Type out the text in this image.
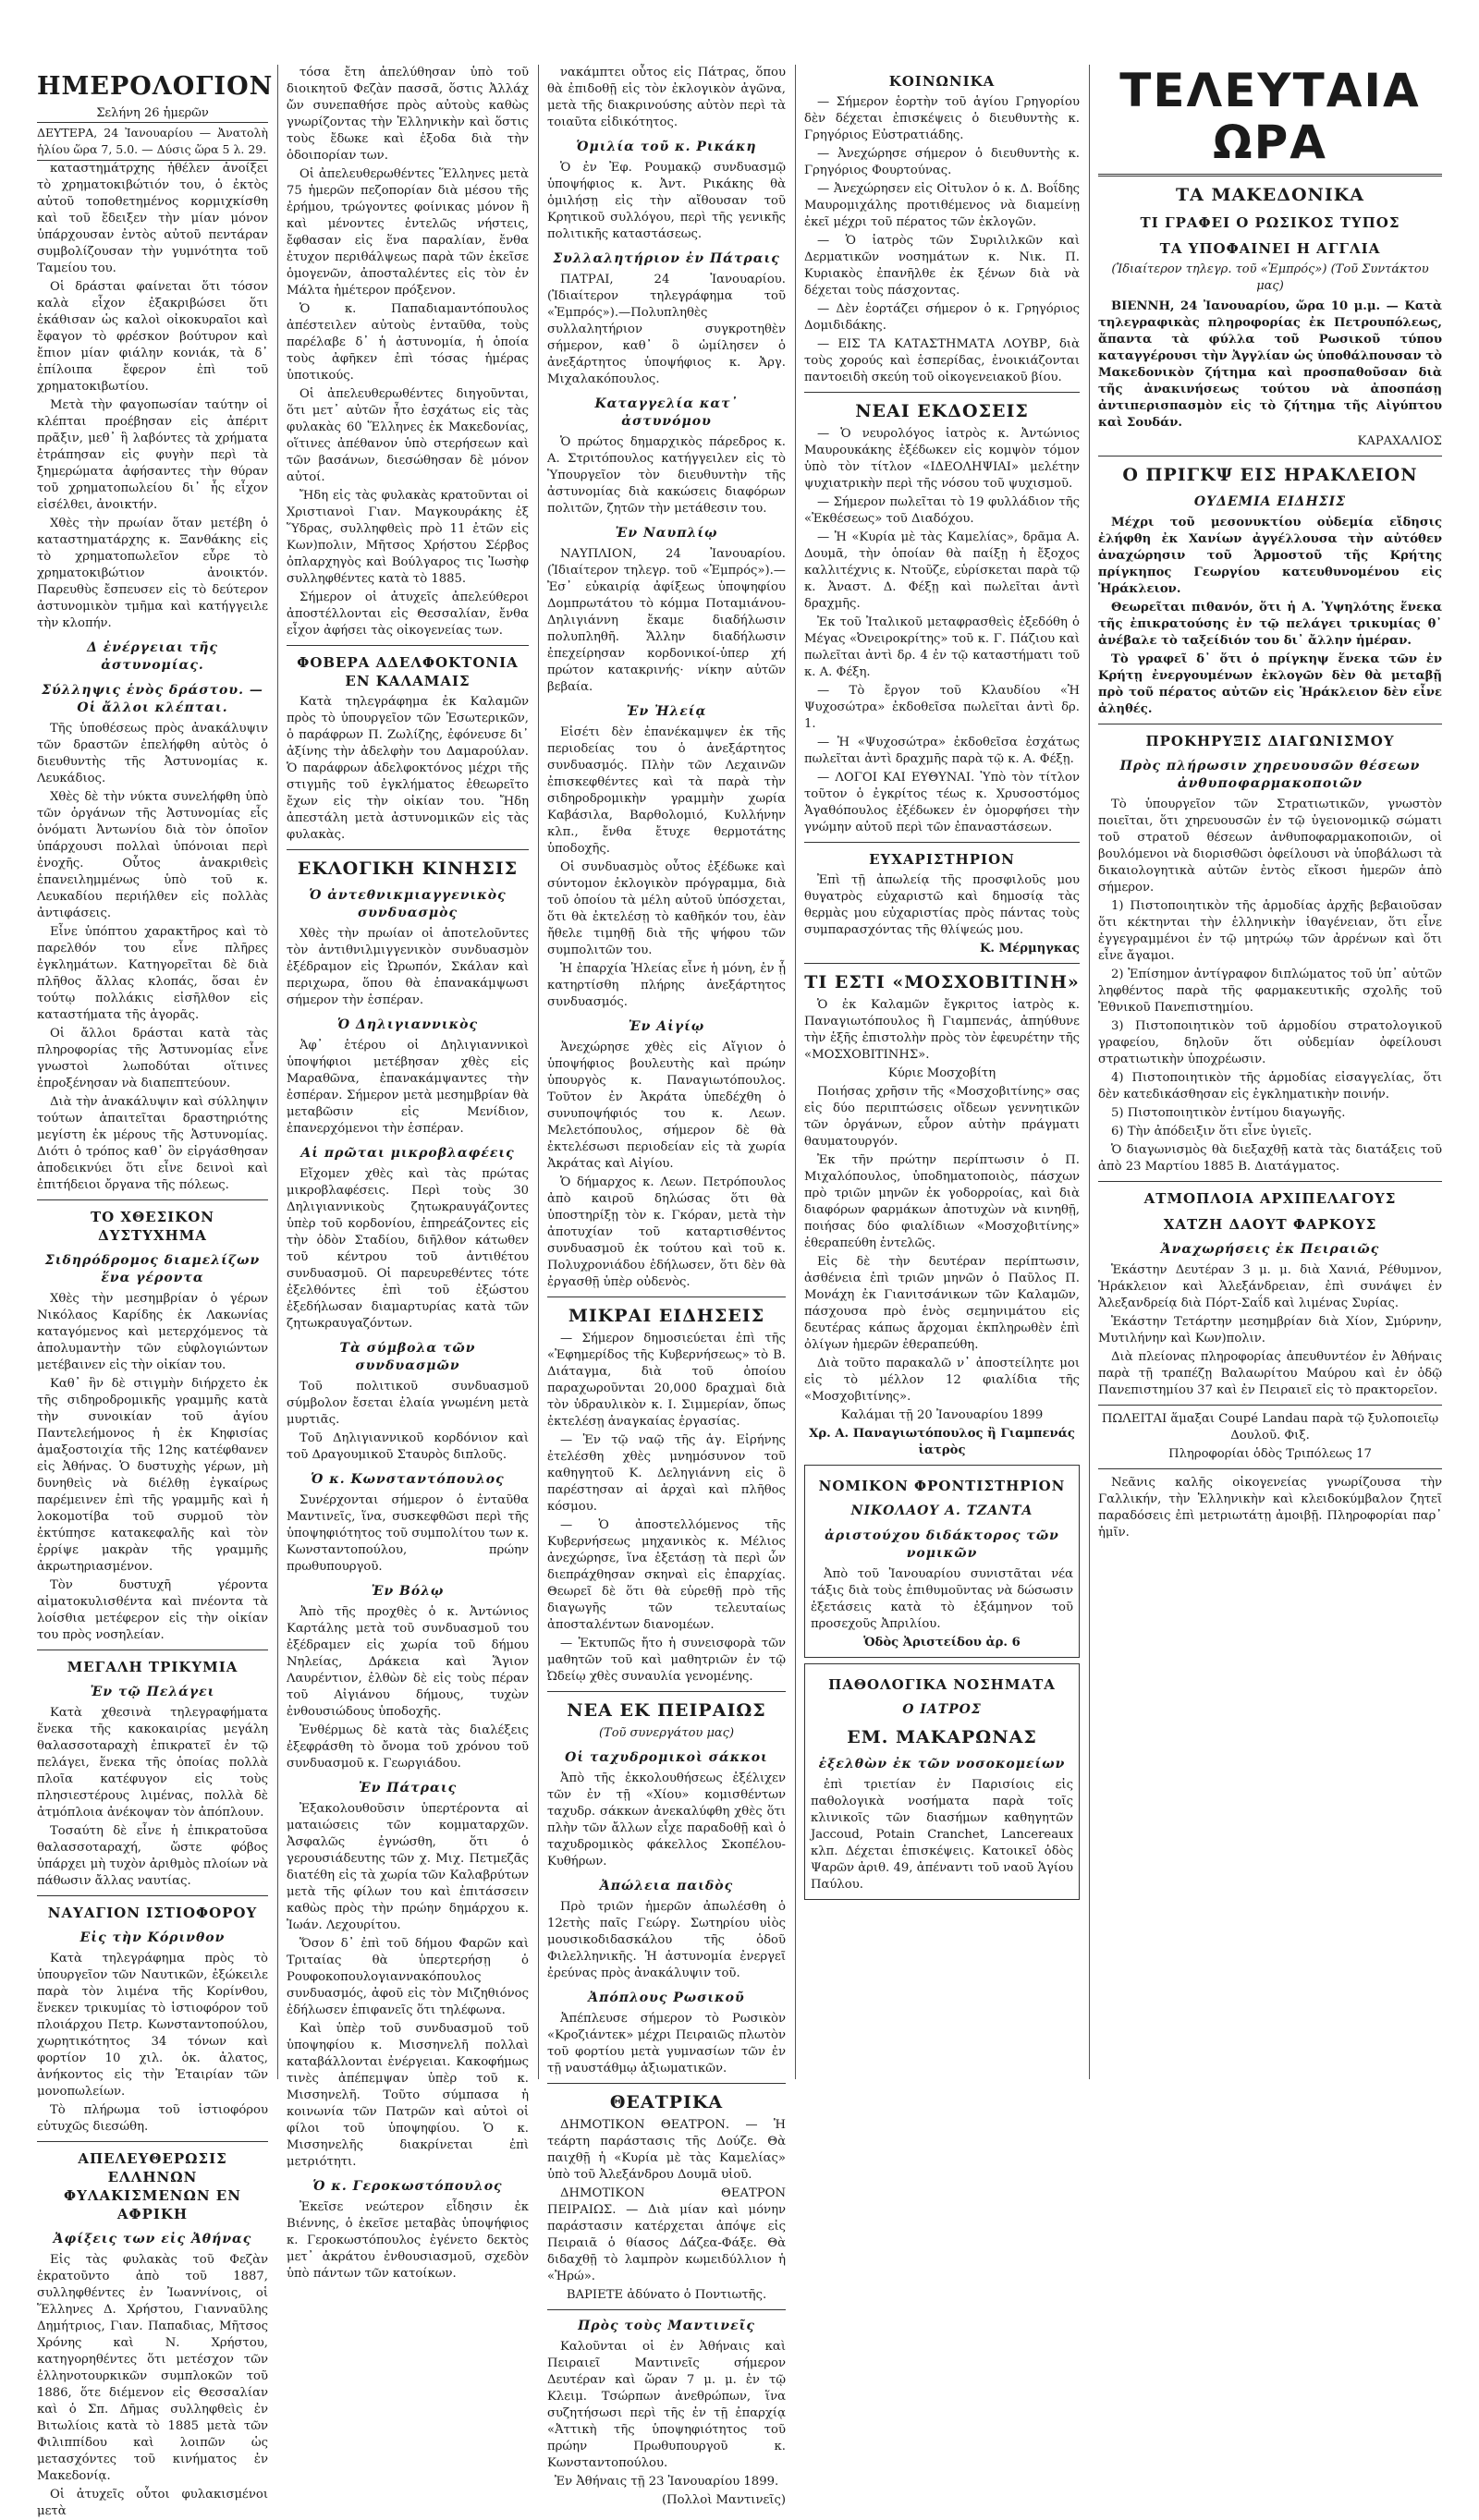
ΗΜΕΡΟΛΟΓΙΟΝ
Σελήνη 26 ἡμερῶν
ΔΕΥΤΕΡΑ, 24 Ἰανουαρίου — Ἀνατολὴ ἡλίου ὥρα 7, 5.0. — Δύσις ὥρα 5 λ. 29.

καταστημάτρχης ἠθέλεν ἀνοίξει τὸ χρηματοκιβώτιόν του, ὁ ἐκτὸς αὐτοῦ τοποθετημένος κορμιχκίσθη καὶ τοῦ ἔδειξεν τὴν μίαν μόνον ὑπάρχουσαν ἐντὸς αὐτοῦ πεντάραν συμβολίζουσαν τὴν γυμνότητα τοῦ Ταμείου του.

Οἱ δράσται φαίνεται ὅτι τόσον καλὰ εἶχον ἐξακριβώσει ὅτι ἐκάθισαν ὡς καλοὶ οἰκοκυραῖοι καὶ ἔφαγον τὸ φρέσκον βούτυρον καὶ ἔπιον μίαν φιάλην κονιάκ, τὰ δ᾽ ἐπίλοιπα ἔφερον ἐπὶ τοῦ χρηματοκιβωτίου.

Μετὰ τὴν φαγοπωσίαν ταύτην οἱ κλέπται προέβησαν εἰς ἀπέριτ πρᾶξιν, μεθ᾽ ἣ λαβόντες τὰ χρήματα ἐτράπησαν εἰς φυγὴν περὶ τὰ ξημερώματα ἀφήσαντες τὴν θύραν τοῦ χρηματοπωλείου δι᾽ ἧς εἶχον εἰσέλθει, ἀνοικτήν.

Χθὲς τὴν πρωίαν ὅταν μετέβη ὁ καταστηματάρχης κ. Ξανθάκης εἰς τὸ χρηματοπωλεῖον εὗρε τὸ χρηματοκιβώτιον ἀνοικτόν. Παρευθὺς ἔσπευσεν εἰς τὸ δεύτερον ἀστυνομικὸν τμῆμα καὶ κατήγγειλε τὴν κλοπήν.

Δ ἐνέργειαι τῆς ἀστυνομίας.
Σύλληψις ἑνὸς δράστου. — Οἱ ἄλλοι κλέπται.

Τῆς ὑποθέσεως πρὸς ἀνακάλυψιν τῶν δραστῶν ἐπελήφθη αὐτὸς ὁ διευθυντὴς τῆς Ἀστυνομίας κ. Λευκάδιος.

Χθὲς δὲ τὴν νύκτα συνελήφθη ὑπὸ τῶν ὀργάνων τῆς Ἀστυνομίας εἷς ὀνόματι Ἀντωνίου διὰ τὸν ὁποῖον ὑπάρχουσι πολλαὶ ὑπόνοιαι περὶ ἐνοχῆς. Οὗτος ἀνακριθεὶς ἐπανειλημμένως ὑπὸ τοῦ κ. Λευκαδίου περιήλθεν εἰς πολλὰς ἀντιφάσεις.

Εἶνε ὑπόπτου χαρακτῆρος καὶ τὸ παρελθόν του εἶνε πλῆρες ἐγκλημάτων. Κατηγορεῖται δὲ διὰ πλῆθος ἄλλας κλοπάς, ὅσαι ἐν τούτῳ πολλάκις εἰσῆλθον εἰς καταστήματα τῆς ἀγορᾶς.

Οἱ ἄλλοι δράσται κατὰ τὰς πληροφορίας τῆς Ἀστυνομίας εἶνε γνωστοὶ λωποδύται οἵτινες ἐπροξένησαν νὰ διαπεπτεύουν.

Διὰ τὴν ἀνακάλυψιν καὶ σύλληψιν τούτων ἀπαιτεῖται δραστηριότης μεγίστη ἐκ μέρους τῆς Ἀστυνομίας. Διότι ὁ τρόπος καθ᾽ ὃν εἰργάσθησαν ἀποδεικνύει ὅτι εἶνε δεινοὶ καὶ ἐπιτήδειοι ὄργανα τῆς πόλεως.

ΤΟ ΧΘΕΣΙΚΟΝ ΔΥΣΤΥΧΗΜΑ
Σιδηρόδρομος διαμελίζων ἕνα γέροντα

Χθὲς τὴν μεσημβρίαν ὁ γέρων Νικόλαος Καρίδης ἐκ Λακωνίας καταγόμενος καὶ μετερχόμενος τὰ ἀπολυμαντὴν τῶν εὐφλογιώντων μετέβαινεν εἰς τὴν οἰκίαν του.

Καθ᾽ ἣν δὲ στιγμὴν διήρχετο ἐκ τῆς σιδηροδρομικῆς γραμμῆς κατὰ τὴν συνοικίαν τοῦ ἁγίου Παντελεήμονος ἡ ἐκ Κηφισίας ἁμαξοστοιχία τῆς 12ης κατέφθανεν εἰς Ἀθήνας. Ὁ δυστυχὴς γέρων, μὴ δυνηθεὶς νὰ διέλθῃ ἐγκαίρως παρέμεινεν ἐπὶ τῆς γραμμῆς καὶ ἡ λοκομοτίβα τοῦ συρμοῦ τὸν ἐκτύπησε κατακεφαλῆς καὶ τὸν ἐρρίψε μακρὰν τῆς γραμμῆς ἀκρωτηριασμένον.

Τὸν δυστυχῆ γέροντα αἱματοκυλισθέντα καὶ πνέοντα τὰ λοίσθια μετέφερον εἰς τὴν οἰκίαν του πρὸς νοσηλείαν.

ΜΕΓΑΛΗ ΤΡΙΚΥΜΙΑ
Ἐν τῷ Πελάγει

Κατὰ χθεσινὰ τηλεγραφήματα ἕνεκα τῆς κακοκαιρίας μεγάλη θαλασσοταραχὴ ἐπικρατεῖ ἐν τῷ πελάγει, ἕνεκα τῆς ὁποίας πολλὰ πλοῖα κατέφυγον εἰς τοὺς πλησιεστέρους λιμένας, πολλὰ δὲ ἀτμόπλοια ἀνέκοψαν τὸν ἀπόπλουν.

Τοσαύτη δὲ εἶνε ἡ ἐπικρατοῦσα θαλασσοταραχή, ὥστε φόβος ὑπάρχει μὴ τυχὸν ἀριθμὸς πλοίων νὰ πάθωσιν ἄλλας ναυτίας.

ΝΑΥΑΓΙΟΝ ΙΣΤΙΟΦΟΡΟΥ
Εἰς τὴν Κόρινθον

Κατὰ τηλεγράφημα πρὸς τὸ ὑπουργεῖον τῶν Ναυτικῶν, ἐξώκειλε παρὰ τὸν λιμένα τῆς Κορίνθου, ἕνεκεν τρικυμίας τὸ ἱστιοφόρον τοῦ πλοιάρχου Πετρ. Κωνσταντοπούλου, χωρητικότητος 34 τόνων καὶ φορτίον 10 χιλ. ὀκ. ἀλατος, ἀνήκοντος εἰς τὴν Ἑταιρίαν τῶν μονοπωλείων.

Τὸ πλήρωμα τοῦ ἱστιοφόρου εὐτυχῶς διεσώθη.

ΑΠΕΛΕΥΘΕΡΩΣΙΣ ΕΛΛΗΝΩΝ ΦΥΛΑΚΙΣΜΕΝΩΝ ΕΝ ΑΦΡΙΚΗ
Ἀφίξεις των εἰς Ἀθήνας

Εἰς τὰς φυλακὰς τοῦ Φεζὰν ἐκρατοῦντο ἀπὸ τοῦ 1887, συλληφθέντες ἐν Ἰωαννίνοις, οἱ Ἕλληνες Δ. Χρήστου, Γιανναῦλης Δημήτριος, Γιαν. Παπαδιας, Μῆτσος Χρόνης καὶ Ν. Χρήστου, κατηγορηθέντες ὅτι μετέσχον τῶν ἑλληνοτουρκικῶν συμπλοκῶν τοῦ 1886, ὅτε διέμενον εἰς Θεσσαλίαν καὶ ὁ Σπ. Δῆμας συλληφθεὶς ἐν Βιτωλίοις κατὰ τὸ 1885 μετὰ τῶν Φιλιππίδου καὶ λοιπῶν ὡς μετασχόντες τοῦ κινήματος ἐν Μακεδονίᾳ.

Οἱ ἀτυχεῖς οὗτοι φυλακισμένοι μετὰ

τόσα ἔτη ἀπελύθησαν ὑπὸ τοῦ διοικητοῦ Φεζὰν πασσᾶ, ὅστις Ἀλλάχ ὤν συνεπαθήσε πρὸς αὐτοὺς καθὼς γνωρίζοντας τὴν Ἑλληνικὴν καὶ ὅστις τοὺς ἔδωκε καὶ ἐξοδα διὰ τὴν ὁδοιπορίαν των.

Οἱ ἀπελευθερωθέντες Ἕλληνες μετὰ 75 ἡμερῶν πεζοπορίαν διὰ μέσου τῆς ἐρήμου, τρώγοντες φοίνικας μόνον ἢ καὶ μένοντες ἐντελῶς νήστεις, ἔφθασαν εἰς ἕνα παραλίαν, ἔνθα ἐτυχον περιθάλψεως παρὰ τῶν ἐκεῖσε ὁμογενῶν, ἀποσταλέντες εἰς τὸν ἐν Μάλτα ἡμέτερον πρόξενον.

Ὁ κ. Παπαδιαμαντόπουλος ἀπέστειλεν αὐτοὺς ἐνταῦθα, τοὺς παρέλαβε δ᾽ ἡ ἀστυνομία, ἡ ὁποία τοὺς ἀφῆκεν ἐπὶ τόσας ἡμέρας ὑποτικούς.

Οἱ ἀπελευθερωθέντες διηγοῦνται, ὅτι μετ᾽ αὐτῶν ἦτο ἐσχάτως εἰς τὰς φυλακὰς 60 Ἕλληνες ἐκ Μακεδονίας, οἵτινες ἀπέθανον ὑπὸ στερήσεων καὶ τῶν βασάνων, διεσώθησαν δὲ μόνον αὐτοί.

Ἤδη εἰς τὰς φυλακὰς κρατοῦνται οἱ Χριστιανοὶ Γιαν. Μαγκουράκης ἐξ Ὕδρας, συλληφθεὶς πρὸ 11 ἐτῶν εἰς Κων)πολιν, Μῆτσος Χρήστου Σέρβος ὀπλαρχηγὸς καὶ Βούλγαρος τις Ἰωσὴφ συλληφθέντες κατὰ τὸ 1885.

Σήμερον οἱ ἀτυχεῖς ἀπελεύθεροι ἀποστέλλονται εἰς Θεσσαλίαν, ἔνθα εἶχον ἀφήσει τὰς οἰκογενείας των.

ΦΟΒΕΡΑ ΑΔΕΛΦΟΚΤΟΝΙΑ ΕΝ ΚΑΛΑΜΑΙΣ

Κατὰ τηλεγράφημα ἐκ Καλαμῶν πρὸς τὸ ὑπουργεῖον τῶν Ἐσωτερικῶν, ὁ παράφρων Π. Ζωλίζης, ἐφόνευσε δι᾽ ἀξίνης τὴν ἀδελφὴν του Δαμαρούλαν. Ὁ παράφρων ἀδελφοκτόνος μέχρι τῆς στιγμῆς τοῦ ἐγκλήματος ἐθεωρεῖτο ἔχων εἰς τὴν οἰκίαν του. Ἤδη ἀπεστάλη μετὰ ἀστυνομικῶν εἰς τὰς φυλακὰς.

ΕΚΛΟΓΙΚΗ ΚΙΝΗΣΙΣ
Ὁ ἀντεθνικμιαγγενικὸς συνδυασμὸς

Χθὲς τὴν πρωίαν οἱ ἀποτελοῦντες τὸν ἀντιθνιλμιγγενικὸν συνδυασμὸν ἐξέδραμον εἰς Ὠρωπόν, Σκάλαν καὶ περιχωρα, ὅπου θὰ ἐπανακάμψωσι σήμερον τὴν ἑσπέραν.

Ὁ Δηλιγιαννικὸς

Ἀφ᾽ ἑτέρου οἱ Δηλιγιαννικοὶ ὑποψήφιοι μετέβησαν χθὲς εἰς Μαραθῶνα, ἐπανακάμψαντες τὴν ἑσπέραν. Σήμερον μετὰ μεσημβρίαν θὰ μεταβῶσιν εἰς Μενίδιον, ἐπανερχόμενοι τὴν ἑσπέραν.

Αἱ πρῶται μικροβλαφέεις

Εἴχομεν χθὲς καὶ τὰς πρώτας μικροβλαφέσεις. Περὶ τοὺς 30 Δηλιγιαννικοὺς ζητωκραυγάζοντες ὑπὲρ τοῦ κορδονίου, ἐπηρεάζοντες εἰς τὴν ὁδὸν Σταδίου, διῆλθον κάτωθεν τοῦ κέντρου τοῦ ἀντιθέτου συνδυασμοῦ. Οἱ παρευρεθέντες τότε ἐξελθόντες ἐπὶ τοῦ ἐξώστου ἐξεδήλωσαν διαμαρτυρίας κατὰ τῶν ζητωκραυγαζόντων.

Τὰ σύμβολα τῶν συνδυασμῶν

Τοῦ πολιτικοῦ συνδυασμοῦ σύμβολον ἔσεται ἐλαία γνωμένη μετὰ μυρτιᾶς.

Τοῦ Δηλιγιαννικοῦ κορδόνιον καὶ τοῦ Δραγουμικοῦ Σταυρὸς διπλοῦς.

Ὁ κ. Κωνσταντόπουλος

Συνέρχονται σήμερον ὁ ἐνταῦθα Μαντινεῖς, ἵνα, συσκεφθῶσι περὶ τῆς ὑποψηφιότητος τοῦ συμπολίτου των κ. Κωνσταντοπούλου, πρώην πρωθυπουργοῦ.

Ἐν Βόλῳ

Ἀπὸ τῆς προχθὲς ὁ κ. Ἀντώνιος Καρτάλης μετὰ τοῦ συνδυασμοῦ του ἐξέδραμεν εἰς χωρία τοῦ δήμου Νηλείας, Δράκεια καὶ Ἅγιον Λαυρέντιον, ἐλθὼν δὲ εἰς τοὺς πέραν τοῦ Αἰγιάνου δήμους, τυχὼν ἐνθουσιώδους ὑποδοχῆς.

Ἐνθέρμως δὲ κατὰ τὰς διαλέξεις ἐξεφράσθη τὸ ὄνομα τοῦ χρόνου τοῦ συνδυασμοῦ κ. Γεωργιάδου.

Ἐν Πάτραις

Ἐξακολουθοῦσιν ὑπερτέροντα αἱ ματαιώσεις τῶν κομματαρχῶν. Ἀσφαλῶς ἐγνώσθη, ὅτι ὁ γερουσιάδευτης τῶν χ. Μιχ. Πετμεζᾶς διατέθη εἰς τὰ χωρία τῶν Καλαβρύτων μετὰ τῆς φίλων του καὶ ἐπιτάσσειν καθὼς πρὸς τὴν πρώην δημάρχου κ. Ἰωάν. Λεχουρίτου.

Ὅσον δ᾽ ἐπὶ τοῦ δήμου Φαρῶν καὶ Τριταίας θὰ ὑπερτερήσῃ ὁ Ρουφοκοπουλογιαννακόπουλος συνδυασμός, ἀφοῦ εἰς τὸν Μιζηθιόνος ἐδήλωσεν ἐπιφανεῖς ὅτι τηλέφωνα.

Καὶ ὑπὲρ τοῦ συνδυασμοῦ τοῦ ὑποψηφίου κ. Μισσηνελῆ πολλαὶ καταβάλλονται ἐνέργειαι. Κακοφήμως τινὲς ἀπέπεμψαν ὑπὲρ τοῦ κ. Μισσηνελῆ. Τοῦτο σύμπασα ἡ κοινωνία τῶν Πατρῶν καὶ αὐτοὶ οἱ φίλοι τοῦ ὑποψηφίου. Ὁ κ. Μισσηνελῆς διακρίνεται ἐπὶ μετριότητι.

Ὁ κ. Γεροκωστόπουλος

Ἐκεῖσε νεώτερον εἶδησιν ἐκ Βιέννης, ὁ ἐκεῖσε μεταβὰς ὑποψήφιος κ. Γεροκωστόπουλος ἐγένετο δεκτὸς μετ᾽ ἀκράτου ἐνθουσιασμοῦ, σχεδὸν ὑπὸ πάντων τῶν κατοίκων.

νακάμπτει οὗτος εἰς Πάτρας, ὅπου θὰ ἐπιδοθῇ εἰς τὸν ἐκλογικὸν ἀγῶνα, μετὰ τῆς διακρινούσης αὐτὸν περὶ τὰ τοιαῦτα εἰδικότητος.

Ὁμιλία τοῦ κ. Ρικάκη

Ὁ ἐν Ἐφ. Ρουμακῷ συνδυασμῷ ὑποψήφιος κ. Ἀντ. Ρικάκης θὰ ὁμιλήσῃ εἰς τὴν αἴθουσαν τοῦ Κρητικοῦ συλλόγου, περὶ τῆς γενικῆς πολιτικῆς καταστάσεως.

Συλλαλητήριον ἐν Πάτραις

ΠΑΤΡΑΙ, 24 Ἰανουαρίου. (Ἰδιαίτερον τηλεγράφημα τοῦ «Ἐμπρός»).—Πολυπληθὲς συλλαλητήριον συγκροτηθὲν σήμερον, καθ᾽ ὃ ὡμίλησεν ὁ ἀνεξάρτητος ὑποψήφιος κ. Ἀργ. Μιχαλακόπουλος.

Καταγγελία κατ᾽ ἀστυνόμου

Ὁ πρώτος δημαρχικὸς πάρεδρος κ. Α. Στριτόπουλος κατήγγειλεν εἰς τὸ Ὑπουργεῖον τὸν διευθυντὴν τῆς ἀστυνομίας διὰ κακώσεις διαφόρων πολιτῶν, ζητῶν τὴν μετάθεσιν του.

Ἐν Ναυπλίῳ

ΝΑΥΠΛΙΟΝ, 24 Ἰανουαρίου. (Ἰδιαίτερον τηλεγρ. τοῦ «Ἐμπρός»).—Ἐσ᾽ εὐκαιρίᾳ ἀφίξεως ὑποψηφίου Δομπρωτάτου τὸ κόμμα Ποταμιάνου-Δηλιγιάννη ἔκαμε διαδήλωσιν πολυπληθῆ. Ἄλλην διαδήλωσιν ἐπεχείρησαν κορδονικοί-ὑπερ χή πρώτον κατακρινής· νίκην αὐτῶν βεβαία.

Ἐν Ἠλείᾳ

Εἰσέτι δὲν ἐπανέκαμψεν ἐκ τῆς περιοδείας του ὁ ἀνεξάρτητος συνδυασμός. Πλὴν τῶν Λεχαινῶν ἐπισκεφθέντες καὶ τὰ παρὰ τὴν σιδηροδρομικὴν γραμμὴν χωρία Καβάσιλα, Βαρθολομιό, Κυλλήνην κλπ., ἔνθα ἔτυχε θερμοτάτης ὑποδοχῆς.

Οἱ συνδυασμὸς οὗτος ἐξέδωκε καὶ σύντομον ἐκλογικὸν πρόγραμμα, διὰ τοῦ ὁποίου τὰ μέλη αὐτοῦ ὑπόσχεται, ὅτι θὰ ἐκτελέσῃ τὸ καθῆκόν του, ἐὰν ἤθελε τιμηθῇ διὰ τῆς ψήφου τῶν συμπολιτῶν του.

Ἡ ἐπαρχία Ἠλείας εἶνε ἡ μόνη, ἐν ᾗ κατηρτίσθη πλήρης ἀνεξάρτητος συνδυασμός.

Ἐν Αἰγίῳ

Ἀνεχώρησε χθὲς εἰς Αἴγιον ὁ ὑποψήφιος βουλευτὴς καὶ πρώην ὑπουργὸς κ. Παναγιωτόπουλος. Τοῦτον ἐν Ἀκράτα ὑπεδέχθη ὁ συνυποψήφιός του κ. Λεων. Μελετόπουλος, σήμερον δὲ θὰ ἐκτελέσωσι περιοδείαν εἰς τὰ χωρία Ἀκράτας καὶ Αἰγίου.

Ὁ δήμαρχος κ. Λεων. Πετρόπουλος ἀπὸ καιροῦ δηλώσας ὅτι θὰ ὑποστηρίξῃ τὸν κ. Γκόραν, μετὰ τὴν ἀποτυχίαν τοῦ καταρτισθέντος συνδυασμοῦ ἐκ τούτου καὶ τοῦ κ. Πολυχρονιάδου ἐδήλωσεν, ὅτι δὲν θὰ ἐργασθῇ ὑπὲρ οὐδενὸς.

ΜΙΚΡΑΙ ΕΙΔΗΣΕΙΣ

— Σήμερον δημοσιεύεται ἐπὶ τῆς «Ἐφημερίδος τῆς Κυβερνήσεως» τὸ Β. Διάταγμα, διὰ τοῦ ὁποίου παραχωροῦνται 20,000 δραχμαὶ διὰ τὸν ὑδραυλικὸν κ. Ι. Σιμμερίαν, ὅπως ἐκτελέσῃ ἀναγκαίας ἐργασίας.

— Ἐν τῷ ναῷ τῆς ἁγ. Εἰρήνης ἐτελέσθη χθὲς μνημόσυνον τοῦ καθηγητοῦ Κ. Δεληγιάννη εἰς ὃ παρέστησαν αἱ ἀρχαὶ καὶ πλῆθος κόσμου.

— Ὁ ἀποστελλόμενος τῆς Κυβερνήσεως μηχανικὸς κ. Μέλιος ἀνεχώρησε, ἵνα ἐξετάσῃ τὰ περὶ ὧν διεπράχθησαν σκηναὶ εἰς ἐπαρχίας. Θεωρεῖ δὲ ὅτι θὰ εὑρεθῇ πρὸ τῆς διαγωγῆς τῶν τελευταίως ἀποσταλέντων διανομέων.

— Ἐκτυπῶς ἤτο ἡ συνεισφορὰ τῶν μαθητῶν τοῦ καὶ μαθητριῶν ἐν τῷ Ὠδείῳ χθὲς συναυλία γενομένης.

ΝΕΑ ΕΚ ΠΕΙΡΑΙΩΣ
(Τοῦ συνεργάτου μας)
Οἱ ταχυδρομικοὶ σάκκοι

Ἀπὸ τῆς ἐκκολουθήσεως ἐξέλιχεν τῶν ἐν τῇ «Χίου» κομισθέντων ταχυδρ. σάκκων ἀνεκαλύφθη χθὲς ὅτι πλὴν τῶν ἄλλων εἶχε παραδοθῇ καὶ ὁ ταχυδρομικὸς φάκελλος Σκοπέλου-Κυθήρων.

Ἀπώλεια παιδὸς

Πρὸ τριῶν ἡμερῶν ἀπωλέσθη ὁ 12ετὴς παῖς Γεώργ. Σωτηρίου υἱὸς μουσικοδιδασκάλου τῆς ὁδοῦ Φιλελληνικῆς. Ἡ ἀστυνομία ἐνεργεῖ ἐρεύνας πρὸς ἀνακάλυψιν τοῦ.

Ἀπόπλους Ρωσικοῦ

Ἀπέπλευσε σήμερον τὸ Ρωσικὸν «Κροζιάντεκ» μέχρι Πειραιῶς πλωτὸν τοῦ φορτίου μετὰ γυμνασίων τῶν ἐν τῇ ναυστάθμῳ ἀξιωματικῶν.

ΘΕΑΤΡΙΚΑ

ΔΗΜΟΤΙΚΟΝ ΘΕΑΤΡΟΝ. — Ἡ τεάρτη παράστασις τῆς Δούζε. Θὰ παιχθῇ ἡ «Κυρία μὲ τὰς Καμελίας» ὑπὸ τοῦ Ἀλεξάνδρου Δουμᾶ υἱοῦ.

ΔΗΜΟΤΙΚΟΝ ΘΕΑΤΡΟΝ ΠΕΙΡΑΙΩΣ. — Διὰ μίαν καὶ μόνην παράστασιν κατέρχεται ἀπόψε εἰς Πειραιᾶ ὁ θίασος Δάζεα-Φάξε. Θὰ διδαχθῇ τὸ λαμπρὸν κωμειδύλλιον ἡ «Ἠρώ».

ΒΑΡΙΕΤΕ ἀδύνατο ὁ Ποντιωτῆς.

Πρὸς τοὺς Μαντινεῖς

Καλοῦνται οἱ ἐν Ἀθήναις καὶ Πειραιεῖ Μαντινεῖς σήμερον Δευτέραν καὶ ὥραν 7 μ. μ. ἐν τῷ Κλειμ. Τσώρπων ἀνεθρώπων, ἵνα συζητήσωσι περὶ τῆς ἐν τῇ ἐπαρχίᾳ «Ἀττικὴ τῆς ὑποψηφιότητος τοῦ πρώην Πρωθυπουργοῦ κ. Κωνσταντοπούλου.

Ἐν Ἀθήναις τῇ 23 Ἰανουαρίου 1899.

(Πολλοὶ Μαντινεῖς)

ΚΟΙΝΩΝΙΚΑ

— Σήμερον ἑορτὴν τοῦ ἁγίου Γρηγορίου δὲν δέχεται ἐπισκέψεις ὁ διευθυντὴς κ. Γρηγόριος Εὐστρατιάδης.

— Ἀνεχώρησε σήμερον ὁ διευθυντὴς κ. Γρηγόριος Φουρτούνας.

— Ἀνεχώρησεν εἰς Οἰτυλον ὁ κ. Δ. Βοΐδης Μαυρομιχάλης προτιθέμενος νὰ διαμείνῃ ἐκεῖ μέχρι τοῦ πέρατος τῶν ἐκλογῶν.

— Ὁ ἰατρὸς τῶν Συριλιλκῶν καὶ Δερματικῶν νοσημάτων κ. Νικ. Π. Κυριακὸς ἐπανῆλθε ἐκ ξένων διὰ νὰ δέχεται τοὺς πάσχοντας.

— Δὲν ἑορτάζει σήμερον ὁ κ. Γρηγόριος Δομιδιδάκης.

— ΕΙΣ ΤΑ ΚΑΤΑΣΤΗΜΑΤΑ ΛΟΥΒΡ, διὰ τοὺς χορούς καὶ ἑσπερίδας, ἐνοικιάζονται παντοειδὴ σκεύη τοῦ οἰκογενειακοῦ βίου.

ΝΕΑΙ ΕΚΔΟΣΕΙΣ

— Ὁ νευρολόγος ἰατρὸς κ. Ἀντώνιος Μαυρουκάκης ἐξέδωκεν εἰς κομψὸν τόμον ὑπὸ τὸν τίτλον «ΙΔΕΟΛΗΨΙΑΙ» μελέτην ψυχιατρικὴν περὶ τῆς νόσου τοῦ ψυχισμοῦ.

— Σήμερον πωλεῖται τὸ 19 φυλλάδιον τῆς «Ἐκθέσεως» τοῦ Διαδόχου.

— Ἡ «Κυρία μὲ τὰς Καμελίας», δρᾶμα Α. Δουμᾶ, τὴν ὁποίαν θὰ παίξῃ ἡ ἔξοχος καλλιτέχνις κ. Ντοῦζε, εὑρίσκεται παρὰ τῷ κ. Ἀναστ. Δ. Φέξῃ καὶ πωλεῖται ἀντὶ δραχμῆς.

Ἐκ τοῦ Ἰταλικοῦ μεταφρασθεὶς ἐξεδόθη ὁ Μέγας «Ὀνειροκρίτης» τοῦ κ. Γ. Πάζιου καὶ πωλεῖται ἀντὶ δρ. 4 ἐν τῷ καταστήματι τοῦ κ. Α. Φέξη.

— Τὸ ἔργον τοῦ Κλαυδίου «Ἡ Ψυχοσώτρα» ἐκδοθεῖσα πωλεῖται ἀντὶ δρ. 1.

— Ἡ «Ψυχοσώτρα» ἐκδοθεῖσα ἐσχάτως πωλεῖται ἀντὶ δραχμῆς παρὰ τῷ κ. Α. Φέξῃ.

— ΛΟΓΟΙ ΚΑΙ ΕΥΘΥΝΑΙ. Ὑπὸ τὸν τίτλον τοῦτον ὁ ἐγκρίτος τέως κ. Χρυσοστόμος Ἀγαθόπουλος ἐξέδωκεν ἐν ὀμορφήσει τὴν γνώμην αὐτοῦ περὶ τῶν ἐπαναστάσεων.

ΕΥΧΑΡΙΣΤΗΡΙΟΝ

Ἐπὶ τῇ ἀπωλείᾳ τῆς προσφιλοῦς μου θυγατρὸς εὐχαριστῶ καὶ δημοσίᾳ τὰς θερμὰς μου εὐχαριστίας πρὸς πάντας τοὺς συμπαρασχόντας τῆς θλίψεώς μου.

Κ. Μέρμηγκας

ΤΙ ΕΣΤΙ «ΜΟΣΧΟΒΙΤΙΝΗ»

Ὁ ἐκ Καλαμῶν ἔγκριτος ἰατρὸς κ. Παναγιωτόπουλος ἢ Γιαμπενάς, ἀπηύθυνε τὴν ἑξῆς ἐπιστολὴν πρὸς τὸν ἐφευρέτην τῆς «ΜΟΣΧΟΒΙΤΙΝΗΣ».

Κύριε Μοσχοβίτη

Ποιήσας χρῆσιν τῆς «Μοσχοβιτίνης» σας εἰς δύο περιπτώσεις οἴδεων γεννητικῶν τῶν ὀργάνων, εὗρον αὐτὴν πράγματι θαυματουργόν.

Ἐκ τῆν πρώτην περίπτωσιν ὁ Π. Μιχαλόπουλος, ὑποδηματοποιὸς, πάσχων πρὸ τριῶν μηνῶν ἐκ γοδορροίας, καὶ διὰ διαφόρων φαρμάκων ἀποτυχὼν νὰ κινηθῇ, ποιήσας δύο φιαλίδιων «Μοσχοβιτίνης» ἐθεραπεύθη ἐντελῶς.

Εἰς δὲ τὴν δευτέραν περίπτωσιν, ἀσθένεια ἐπὶ τριῶν μηνῶν ὁ Παῦλος Π. Μονάχη ἐκ Γιανιτσάνικων τῶν Καλαμῶν, πάσχουσα πρὸ ἑνὸς σεμηνιμάτου εἰς δευτέρας κάπως ἄρχομαι ἐκπληρωθὲν ἐπὶ ὀλίγων ἡμερῶν ἐθεραπεύθη.

Διὰ τοῦτο παρακαλῶ ν᾽ ἀποστείλητε μοι εἰς τὸ μέλλον 12 φιαλίδια τῆς «Μοσχοβιτίνης».

Καλάμαι τῇ 20 Ἰανουαρίου 1899

Χρ. Α. Παναγιωτόπουλος ἢ Γιαμπενάς ἰατρὸς

ΝΟΜΙΚΟΝ ΦΡΟΝΤΙΣΤΗΡΙΟΝ
ΝΙΚΟΛΑΟΥ Α. ΤΖΑΝΤΑ
ἀριστούχου διδάκτορος τῶν νομικῶν

Ἀπὸ τοῦ Ἰανουαρίου συνιστᾶται νέα τάξις διὰ τοὺς ἐπιθυμοῦντας νὰ δώσωσιν ἐξετάσεις κατὰ τὸ ἐξάμηνον τοῦ προσεχοῦς Ἀπριλίου.

Ὁδὸς Ἀριστείδου ἀρ. 6

ΠΑΘΟΛΟΓΙΚΑ ΝΟΣΗΜΑΤΑ
Ο ΙΑΤΡΟΣ
ΕΜ. ΜΑΚΑΡΩΝΑΣ
ἐξελθὼν ἐκ τῶν νοσοκομείων

ἐπὶ τριετίαν ἐν Παρισίοις εἰς παθολογικὰ νοσήματα παρὰ τοῖς κλινικοῖς τῶν διασήμων καθηγητῶν Jaccoud, Potain Cranchet, Lancereaux κλπ. Δέχεται ἐπισκέψεις. Κατοικεῖ ὁδὸς Ψαρῶν ἀριθ. 49, ἀπέναντι τοῦ ναοῦ Ἁγίου Παύλου.

ΤΕΛΕΥΤΑΙΑ ΩΡΑ
ΤΑ ΜΑΚΕΔΟΝΙΚΑ
ΤΙ ΓΡΑΦΕΙ Ο ΡΩΣΙΚΟΣ ΤΥΠΟΣ
ΤΑ ΥΠΟΦΑΙΝΕΙ Η ΑΓΓΛΙΑ
(Ἰδιαίτερον τηλεγρ. τοῦ «Ἐμπρός») (Τοῦ Συντάκτου μας)

ΒΙΕΝΝΗ, 24 Ἰανουαρίου, ὥρα 10 μ.μ. — Κατὰ τηλεγραφικὰς πληροφορίας ἐκ Πετρουπόλεως, ἅπαντα τὰ φύλλα τοῦ Ρωσικοῦ τύπου καταγγέρουσι τὴν Ἀγγλίαν ὡς ὑποθάλπουσαν τὸ Μακεδονικὸν ζήτημα καὶ προσπαθοῦσαν διὰ τῆς ἀνακινήσεως τούτου νὰ ἀποσπάσῃ ἀντιπερισπασμὸν εἰς τὸ ζήτημα τῆς Αἰγύπτου καὶ Σουδάν.

ΚΑΡΑΧΑΛΙΟΣ

Ο ΠΡΙΓΚΨ ΕΙΣ ΗΡΑΚΛΕΙΟΝ
ΟΥΔΕΜΙΑ ΕΙΔΗΣΙΣ

Μέχρι τοῦ μεσονυκτίου οὐδεμία εἴδησις ἐλήφθη ἐκ Χανίων ἀγγέλλουσα τὴν αὐτόθεν ἀναχώρησιν τοῦ Ἁρμοστοῦ τῆς Κρήτης πρίγκηπος Γεωργίου κατευθυνομένου εἰς Ἡράκλειον.

Θεωρεῖται πιθανόν, ὅτι ἡ Α. Ὑψηλότης ἕνεκα τῆς ἐπικρατούσης ἐν τῷ πελάγει τρικυμίας θ᾽ ἀνέβαλε τὸ ταξείδιόν του δι᾽ ἄλλην ἡμέραν.

Τὸ γραφεῖ δ᾽ ὅτι ὁ πρίγκηψ ἕνεκα τῶν ἐν Κρήτῃ ἐνεργουμένων ἐκλογῶν δὲν θὰ μεταβῇ πρὸ τοῦ πέρατος αὐτῶν εἰς Ἡράκλειον δὲν εἶνε ἀληθές.

ΠΡΟΚΗΡΥΞΙΣ ΔΙΑΓΩΝΙΣΜΟΥ
Πρὸς πλήρωσιν χηρευουσῶν θέσεων ἀνθυποφαρμακοποιῶν

Τὸ ὑπουργεῖον τῶν Στρατιωτικῶν, γνωστὸν ποιεῖται, ὅτι χηρευουσῶν ἐν τῷ ὑγειονομικῷ σώματι τοῦ στρατοῦ θέσεων ἀνθυποφαρμακοποιῶν, οἱ βουλόμενοι νὰ διορισθῶσι ὀφείλουσι νὰ ὑποβάλωσι τὰ δικαιολογητικὰ αὐτῶν ἐντὸς εἴκοσι ἡμερῶν ἀπὸ σήμερον.

1) Πιστοποιητικὸν τῆς ἁρμοδίας ἀρχῆς βεβαιοῦσαν ὅτι κέκτηνται τὴν ἑλληνικὴν ἰθαγένειαν, ὅτι εἶνε ἐγγεγραμμένοι ἐν τῷ μητρώῳ τῶν ἀρρένων καὶ ὅτι εἶνε ἄγαμοι.

2) Ἐπίσημον ἀντίγραφον διπλώματος τοῦ ὑπ᾽ αὐτῶν ληφθέντος παρὰ τῆς φαρμακευτικῆς σχολῆς τοῦ Ἐθνικοῦ Πανεπιστημίου.

3) Πιστοποιητικὸν τοῦ ἁρμοδίου στρατολογικοῦ γραφείου, δηλοῦν ὅτι οὐδεμίαν ὀφείλουσι στρατιωτικὴν ὑποχρέωσιν.

4) Πιστοποιητικὸν τῆς ἁρμοδίας εἰσαγγελίας, ὅτι δὲν κατεδικάσθησαν εἰς ἐγκληματικὴν ποινήν.

5) Πιστοποιητικὸν ἐντίμου διαγωγῆς.

6) Τὴν ἀπόδειξιν ὅτι εἶνε ὑγιεῖς.

Ὁ διαγωνισμὸς θὰ διεξαχθῇ κατὰ τὰς διατάξεις τοῦ ἀπὸ 23 Μαρτίου 1885 Β. Διατάγματος.

ΑΤΜΟΠΛΟΙΑ ΑΡΧΙΠΕΛΑΓΟΥΣ
ΧΑΤΖΗ ΔΑΟΥΤ ΦΑΡΚΟΥΣ
Ἀναχωρήσεις ἐκ Πειραιῶς

Ἑκάστην Δευτέραν 3 μ. μ. διὰ Χανιά, Ρέθυμνον, Ἡράκλειον καὶ Ἀλεξάνδρειαν, ἐπὶ συνάψει ἐν Ἀλεξανδρείᾳ διὰ Πόρτ-Σαΐδ καὶ λιμένας Συρίας.

Ἑκάστην Τετάρτην μεσημβρίαν διὰ Χίον, Σμύρνην, Μυτιλήνην καὶ Κων)πολιν.

Διὰ πλείονας πληροφορίας ἀπευθυντέον ἐν Ἀθήναις παρὰ τῇ τραπέζῃ Βαλαωρίτου Μαύρου καὶ ἐν ὁδῷ Πανεπιστημίου 37 καὶ ἐν Πειραιεῖ εἰς τὸ πρακτορεῖον.

ΠΩΛΕΙΤΑΙ ἅμαξαι Coupé Landau παρὰ τῷ ξυλοποιεῖῳ Δουλοῦ. Φιξ.

Πληροφορίαι ὁδὸς Τριπόλεως 17

Νεᾶνις καλῆς οἰκογενείας γνωρίζουσα τὴν Γαλλικήν, τὴν Ἑλληνικὴν καὶ κλειδοκύμβαλον ζητεῖ παραδόσεις ἐπὶ μετριωτάτῃ ἀμοιβῇ. Πληροφορίαι παρ᾽ ἡμῖν.
